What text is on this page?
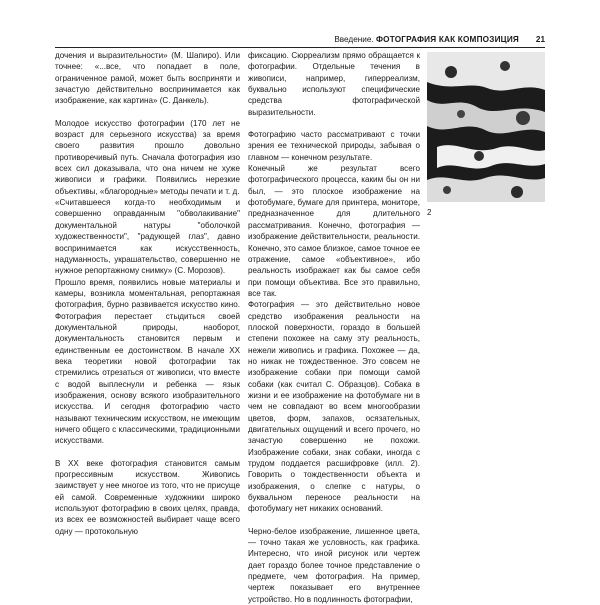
Введение. ФОТОГРАФИЯ КАК КОМПОЗИЦИЯ 21

дочения и выразительности» (М. Шапиро). Или точнее: «...все, что попадает в поле, ограниченное рамой, может быть восприняти и зачастую действительно воспринимается как изображение, как картина» (С. Данкель).

Молодое искусство фотографии (170 лет не возраст для серьезного искусства) за время своего развития прошло довольно противоречивый путь. Сначала фотография изо всех сил доказывала, что она ничем не хуже живописи и графики. Появились нерезкие объективы, «благородные» методы печати и т. д.

«Считавшееся когда-то необходимым и совершенно оправданным "обволакивание" документальной натуры "оболочкой художественности", "радующей глаз", давно воспринимается как искусственность, надуманность, украшательство, совершенно не нужное репортажному снимку» (С. Морозов).

Прошло время, появились новые материалы и камеры, возникла моментальная, репортажная фотография, бурно развивается искусство кино. Фотография перестает стыдиться своей документальной природы, наоборот, документальность становится первым и единственным ее достоинством. В начале XX века теоретики новой фотографии так стремились отрезаться от живописи, что вместе с водой выплеснули и ребенка — язык изображения, основу всякого изобразительного искусства. И сегодня фотографию часто называют техническим искусством, не имеющим ничего общего с классическими, традиционными искусствами.

В XX веке фотография становится самым прогрессивным искусством. Живопись заимствует у нее многое из того, что не присуще ей самой. Современные художники широко используют фотографию в своих целях, правда, из всех ее возможностей выбирает чаще всего одну — протокольную

фиксацию. Сюрреализм прямо обращается к фотографии. Отдельные течения в живописи, например, гиперреализм, буквально используют специфические средства фотографической выразительности.

Фотографию часто рассматривают с точки зрения ее технической природы, забывая о главном — конечном результате.

Конечный же результат всего фотографического процесса, каким бы он ни был, — это плоское изображение на фотобумаге, бумаге для принтера, мониторе, предназначенное для длительного рассматривания. Конечно, фотография — изображение действительности, реальности. Конечно, это самое близкое, самое точное ее отражение, самое «объективное», ибо реальность изображает как бы самое себя при помощи объектива. Все это правильно, все так.

Фотография — это действительно новое средство изображения реальности на плоской поверхности, гораздо в большей степени похожее на саму эту реальность, нежели живопись и графика. Похожее — да, но никак не тождественное. Это совсем не изображение собаки при помощи самой собаки (как считал С. Образцов). Собака в жизни и ее изображение на фотобумаге ни в чем не совпадают во всем многообразии цветов, форм, запахов, осязательных, двигательных ощущений и всего прочего, но зачастую совершенно не похожи. Изображение собаки, знак собаки, иногда с трудом поддается расшифровке (илл. 2). Говорить о тождественности объекта и изображения, о слепке с натуры, о буквальном переносе реальности на фотобумагу нет никаких оснований.

Черно-белое изображение, лишенное цвета, — точно такая же условность, как графика. Интересно, что иной рисунок или чертеж дает гораздо более точное представление о предмете, чем фотография. На пример, чертеж показывает его внутреннее устройство. Но в подлинность фотографии,

2
